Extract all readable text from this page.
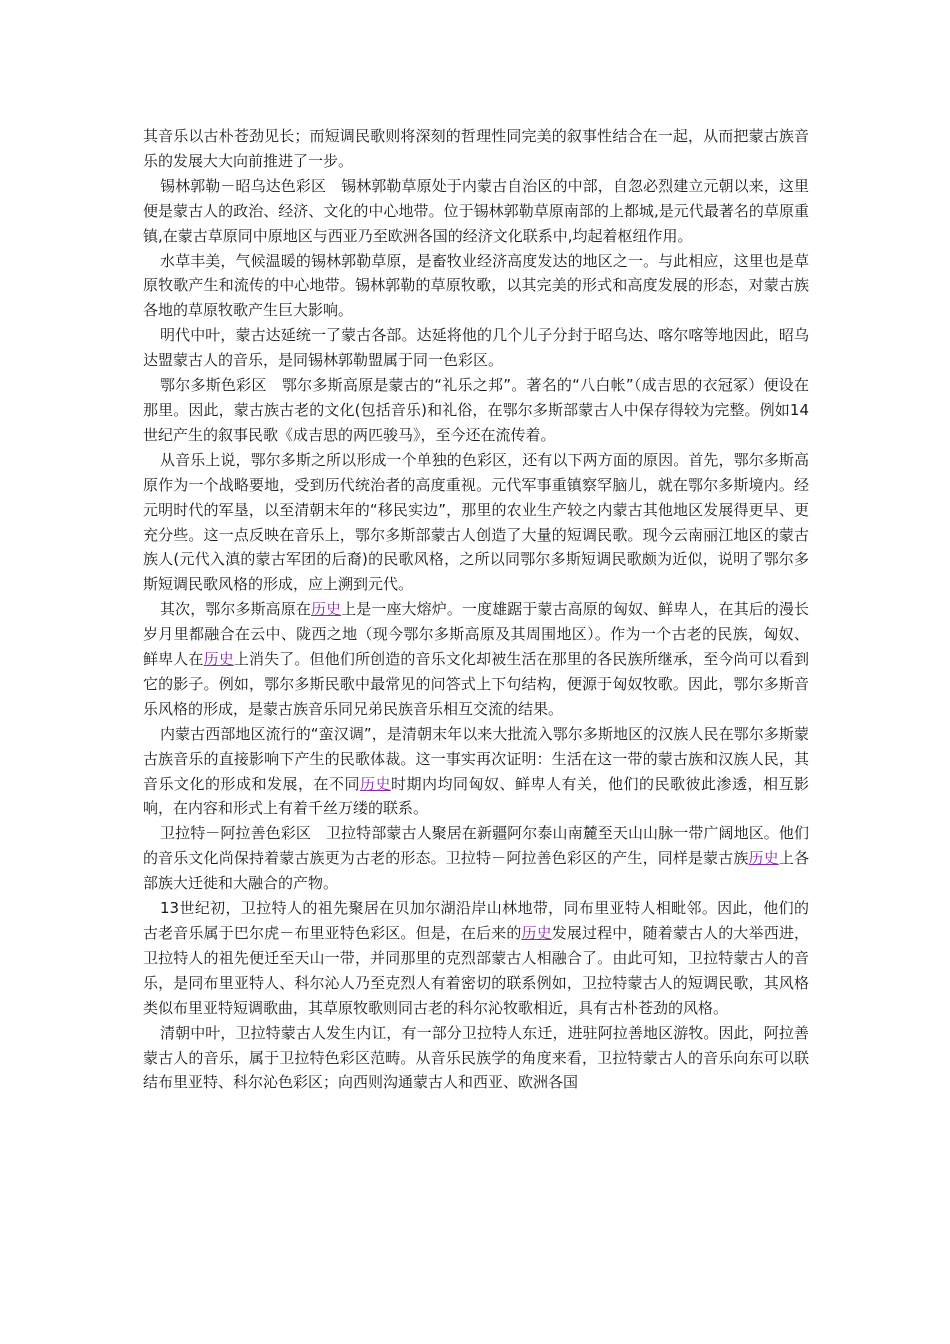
其音乐以古朴苍劲见长；而短调民歌则将深刻的哲理性同完美的叙事性结合在一起，从而把蒙古族音乐的发展大大向前推进了一步。

锡林郭勒－昭乌达色彩区　锡林郭勒草原处于内蒙古自治区的中部，自忽必烈建立元朝以来，这里便是蒙古人的政治、经济、文化的中心地带。位于锡林郭勒草原南部的上都城,是元代最著名的草原重镇,在蒙古草原同中原地区与西亚乃至欧洲各国的经济文化联系中,均起着枢纽作用。

水草丰美，气候温暖的锡林郭勒草原，是畜牧业经济高度发达的地区之一。与此相应，这里也是草原牧歌产生和流传的中心地带。锡林郭勒的草原牧歌，以其完美的形式和高度发展的形态，对蒙古族各地的草原牧歌产生巨大影响。

明代中叶，蒙古达延统一了蒙古各部。达延将他的几个儿子分封于昭乌达、喀尔喀等地因此，昭乌达盟蒙古人的音乐，是同锡林郭勒盟属于同一色彩区。

鄂尔多斯色彩区　鄂尔多斯高原是蒙古的“礼乐之邦”。著名的“八白帐”（成吉思的衣冠冢）便设在那里。因此，蒙古族古老的文化(包括音乐)和礼俗，在鄂尔多斯部蒙古人中保存得较为完整。例如14世纪产生的叙事民歌《成吉思的两匹骏马》，至今还在流传着。

从音乐上说，鄂尔多斯之所以形成一个单独的色彩区，还有以下两方面的原因。首先，鄂尔多斯高原作为一个战略要地，受到历代统治者的高度重视。元代军事重镇察罕脑儿，就在鄂尔多斯境内。经元明时代的军垦，以至清朝末年的“移民实边”，那里的农业生产较之内蒙古其他地区发展得更早、更充分些。这一点反映在音乐上，鄂尔多斯部蒙古人创造了大量的短调民歌。现今云南丽江地区的蒙古族人(元代入滇的蒙古军团的后裔)的民歌风格，之所以同鄂尔多斯短调民歌颇为近似，说明了鄂尔多斯短调民歌风格的形成，应上溯到元代。

其次，鄂尔多斯高原在历史上是一座大熔炉。一度雄踞于蒙古高原的匈奴、鲜卑人，在其后的漫长岁月里都融合在云中、陇西之地（现今鄂尔多斯高原及其周围地区）。作为一个古老的民族，匈奴、鲜卑人在历史上消失了。但他们所创造的音乐文化却被生活在那里的各民族所继承，至今尚可以看到它的影子。例如，鄂尔多斯民歌中最常见的问答式上下句结构，便源于匈奴牧歌。因此，鄂尔多斯音乐风格的形成，是蒙古族音乐同兄弟民族音乐相互交流的结果。

内蒙古西部地区流行的“蛮汉调”，是清朝末年以来大批流入鄂尔多斯地区的汉族人民在鄂尔多斯蒙古族音乐的直接影响下产生的民歌体裁。这一事实再次证明：生活在这一带的蒙古族和汉族人民，其音乐文化的形成和发展，在不同历史时期内均同匈奴、鲜卑人有关，他们的民歌彼此渗透，相互影响，在内容和形式上有着千丝万缕的联系。

卫拉特－阿拉善色彩区　卫拉特部蒙古人聚居在新疆阿尔泰山南麓至天山山脉一带广阔地区。他们的音乐文化尚保持着蒙古族更为古老的形态。卫拉特－阿拉善色彩区的产生，同样是蒙古族历史上各部族大迁徙和大融合的产物。

13世纪初，卫拉特人的祖先聚居在贝加尔湖沿岸山林地带，同布里亚特人相毗邻。因此，他们的古老音乐属于巴尔虎－布里亚特色彩区。但是，在后来的历史发展过程中，随着蒙古人的大举西进，卫拉特人的祖先便迁至天山一带，并同那里的克烈部蒙古人相融合了。由此可知，卫拉特蒙古人的音乐，是同布里亚特人、科尔沁人乃至克烈人有着密切的联系例如，卫拉特蒙古人的短调民歌，其风格类似布里亚特短调歌曲，其草原牧歌则同古老的科尔沁牧歌相近，具有古朴苍劲的风格。

清朝中叶，卫拉特蒙古人发生内讧，有一部分卫拉特人东迁，进驻阿拉善地区游牧。因此，阿拉善蒙古人的音乐，属于卫拉特色彩区范畴。从音乐民族学的角度来看，卫拉特蒙古人的音乐向东可以联结布里亚特、科尔沁色彩区；向西则沟通蒙古人和西亚、欧洲各国
